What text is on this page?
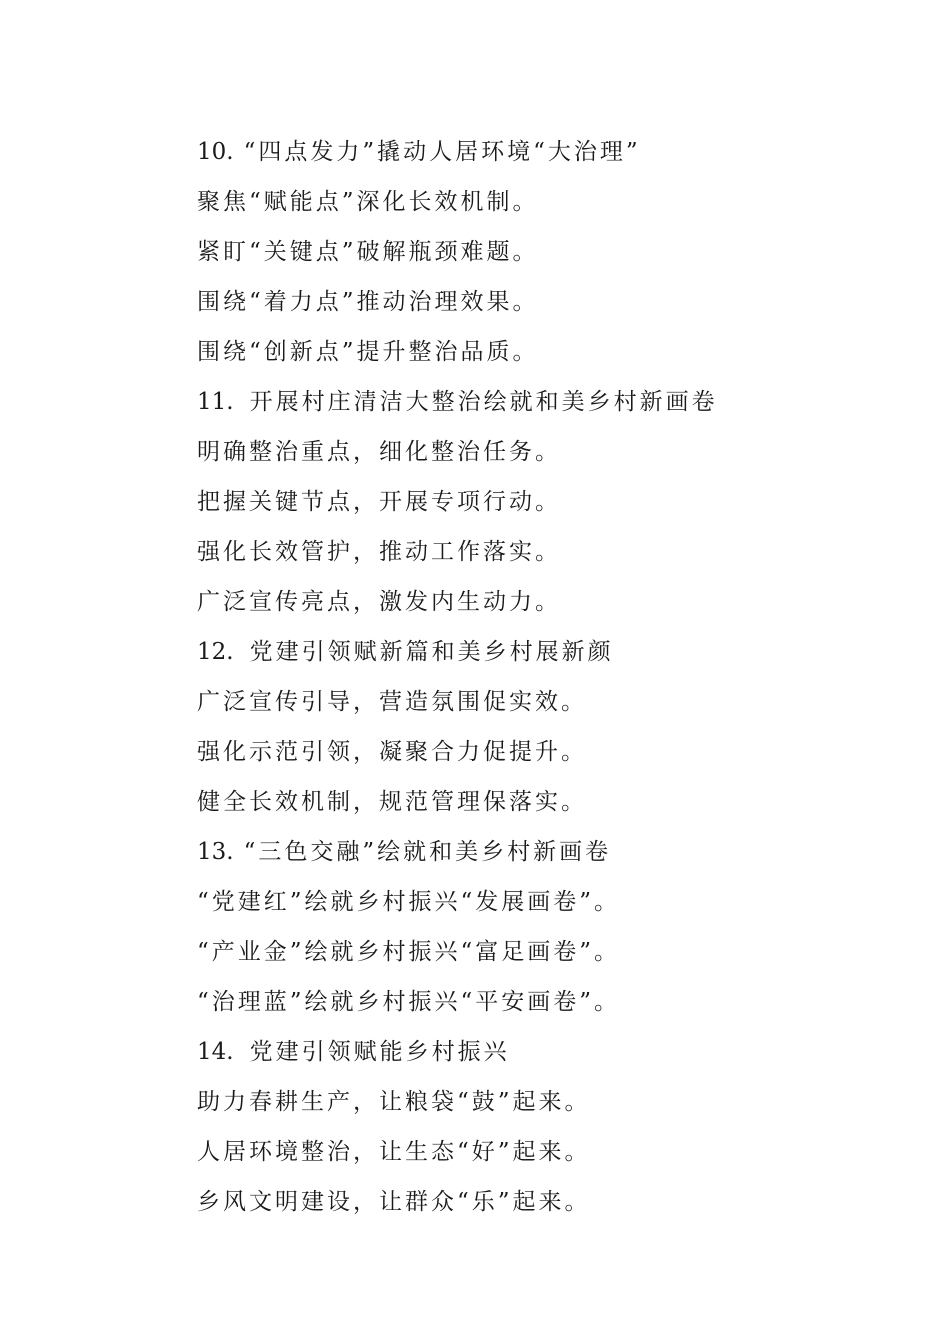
10. “四点发力”撬动人居环境“大治理”
聚焦“赋能点”深化长效机制。
紧盯“关键点”破解瓶颈难题。
围绕“着力点”推动治理效果。
围绕“创新点”提升整治品质。
11. 开展村庄清洁大整治绘就和美乡村新画卷
明确整治重点，细化整治任务。
把握关键节点，开展专项行动。
强化长效管护，推动工作落实。
广泛宣传亮点，激发内生动力。
12. 党建引领赋新篇和美乡村展新颜
广泛宣传引导，营造氛围促实效。
强化示范引领，凝聚合力促提升。
健全长效机制，规范管理保落实。
13. “三色交融”绘就和美乡村新画卷
“党建红”绘就乡村振兴“发展画卷”。
“产业金”绘就乡村振兴“富足画卷”。
“治理蓝”绘就乡村振兴“平安画卷”。
14. 党建引领赋能乡村振兴
助力春耕生产，让粮袋“鼓”起来。
人居环境整治，让生态“好”起来。
乡风文明建设，让群众“乐”起来。
